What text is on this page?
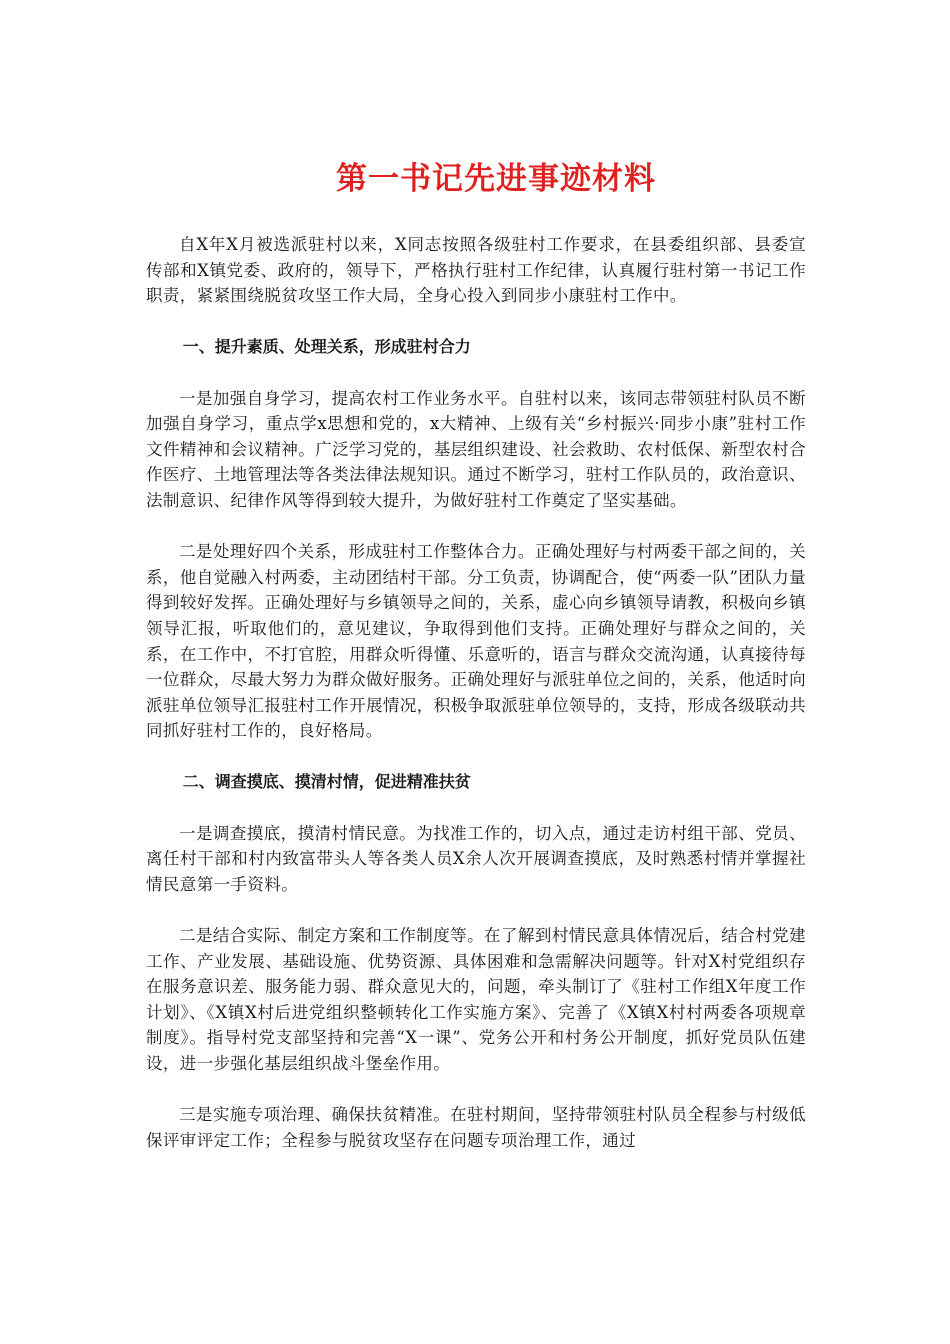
第一书记先进事迹材料

自X年X月被选派驻村以来，X同志按照各级驻村工作要求，在县委组织部、县委宣传部和X镇党委、政府的，领导下，严格执行驻村工作纪律，认真履行驻村第一书记工作职责，紧紧围绕脱贫攻坚工作大局，全身心投入到同步小康驻村工作中。

一、提升素质、处理关系，形成驻村合力

一是加强自身学习，提高农村工作业务水平。自驻村以来，该同志带领驻村队员不断加强自身学习，重点学x思想和党的，x大精神、上级有关“乡村振兴·同步小康”驻村工作文件精神和会议精神。广泛学习党的，基层组织建设、社会救助、农村低保、新型农村合作医疗、土地管理法等各类法律法规知识。通过不断学习，驻村工作队员的，政治意识、法制意识、纪律作风等得到较大提升，为做好驻村工作奠定了坚实基础。

二是处理好四个关系，形成驻村工作整体合力。正确处理好与村两委干部之间的，关系，他自觉融入村两委，主动团结村干部。分工负责，协调配合，使“两委一队”团队力量得到较好发挥。正确处理好与乡镇领导之间的，关系，虚心向乡镇领导请教，积极向乡镇领导汇报，听取他们的，意见建议，争取得到他们支持。正确处理好与群众之间的，关系，在工作中，不打官腔，用群众听得懂、乐意听的，语言与群众交流沟通，认真接待每一位群众，尽最大努力为群众做好服务。正确处理好与派驻单位之间的，关系，他适时向派驻单位领导汇报驻村工作开展情况，积极争取派驻单位领导的，支持，形成各级联动共同抓好驻村工作的，良好格局。

二、调查摸底、摸清村情，促进精准扶贫

一是调查摸底，摸清村情民意。为找准工作的，切入点，通过走访村组干部、党员、离任村干部和村内致富带头人等各类人员X余人次开展调查摸底，及时熟悉村情并掌握社情民意第一手资料。

二是结合实际、制定方案和工作制度等。在了解到村情民意具体情况后，结合村党建工作、产业发展、基础设施、优势资源、具体困难和急需解决问题等。针对X村党组织存在服务意识差、服务能力弱、群众意见大的，问题，牵头制订了《驻村工作组X年度工作计划》、《X镇X村后进党组织整顿转化工作实施方案》、完善了《X镇X村村两委各项规章制度》。指导村党支部坚持和完善“X一课”、党务公开和村务公开制度，抓好党员队伍建设，进一步强化基层组织战斗堡垒作用。

三是实施专项治理、确保扶贫精准。在驻村期间，坚持带领驻村队员全程参与村级低保评审评定工作；全程参与脱贫攻坚存在问题专项治理工作，通过
